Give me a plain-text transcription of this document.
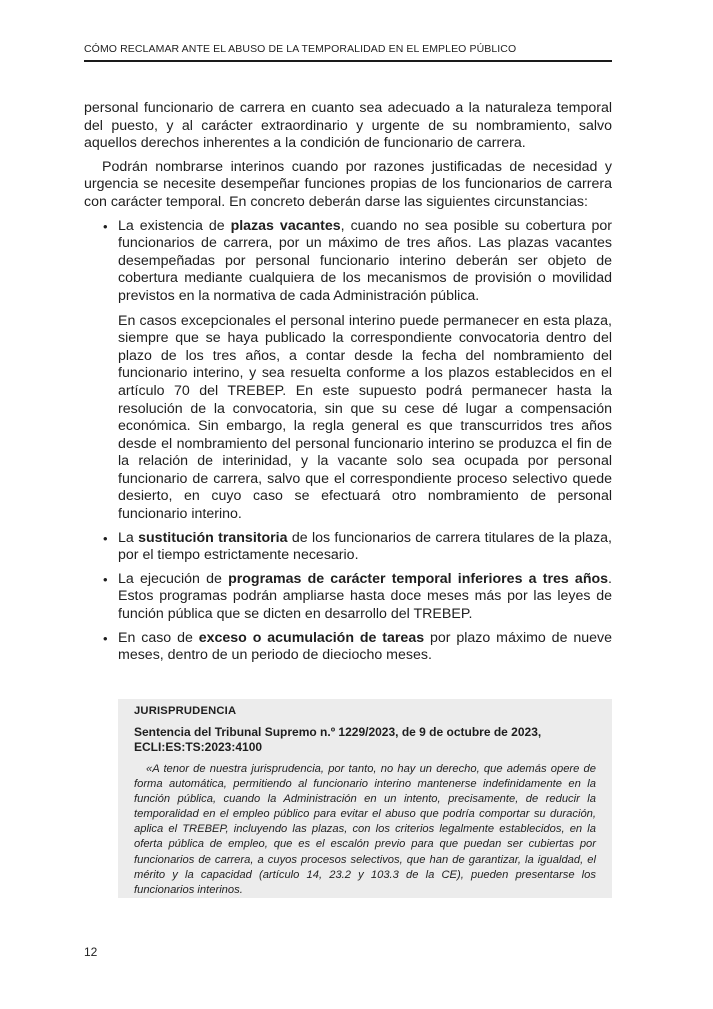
CÓMO RECLAMAR ANTE EL ABUSO DE LA TEMPORALIDAD EN EL EMPLEO PÚBLICO

personal funcionario de carrera en cuanto sea adecuado a la naturaleza temporal del puesto, y al carácter extraordinario y urgente de su nombramiento, salvo aquellos derechos inherentes a la condición de funcionario de carrera.

Podrán nombrarse interinos cuando por razones justificadas de necesidad y urgencia se necesite desempeñar funciones propias de los funcionarios de carrera con carácter temporal. En concreto deberán darse las siguientes circunstancias:

• La existencia de plazas vacantes, cuando no sea posible su cobertura por funcionarios de carrera, por un máximo de tres años. Las plazas vacantes desempeñadas por personal funcionario interino deberán ser objeto de cobertura mediante cualquiera de los mecanismos de provisión o movilidad previstos en la normativa de cada Administración pública.

En casos excepcionales el personal interino puede permanecer en esta plaza, siempre que se haya publicado la correspondiente convocatoria dentro del plazo de los tres años, a contar desde la fecha del nombramiento del funcionario interino, y sea resuelta conforme a los plazos establecidos en el artículo 70 del TREBEP. En este supuesto podrá permanecer hasta la resolución de la convocatoria, sin que su cese dé lugar a compensación económica. Sin embargo, la regla general es que transcurridos tres años desde el nombramiento del personal funcionario interino se produzca el fin de la relación de interinidad, y la vacante solo sea ocupada por personal funcionario de carrera, salvo que el correspondiente proceso selectivo quede desierto, en cuyo caso se efectuará otro nombramiento de personal funcionario interino.

• La sustitución transitoria de los funcionarios de carrera titulares de la plaza, por el tiempo estrictamente necesario.
• La ejecución de programas de carácter temporal inferiores a tres años. Estos programas podrán ampliarse hasta doce meses más por las leyes de función pública que se dicten en desarrollo del TREBEP.
• En caso de exceso o acumulación de tareas por plazo máximo de nueve meses, dentro de un periodo de dieciocho meses.
JURISPRUDENCIA
Sentencia del Tribunal Supremo n.º 1229/2023, de 9 de octubre de 2023, ECLI:ES:TS:2023:4100

«A tenor de nuestra jurisprudencia, por tanto, no hay un derecho, que además opere de forma automática, permitiendo al funcionario interino mantenerse indefinidamente en la función pública, cuando la Administración en un intento, precisamente, de reducir la temporalidad en el empleo público para evitar el abuso que podría comportar su duración, aplica el TREBEP, incluyendo las plazas, con los criterios legalmente establecidos, en la oferta pública de empleo, que es el escalón previo para que puedan ser cubiertas por funcionarios de carrera, a cuyos procesos selectivos, que han de garantizar, la igualdad, el mérito y la capacidad (artículo 14, 23.2 y 103.3 de la CE), pueden presentarse los funcionarios interinos.

12
